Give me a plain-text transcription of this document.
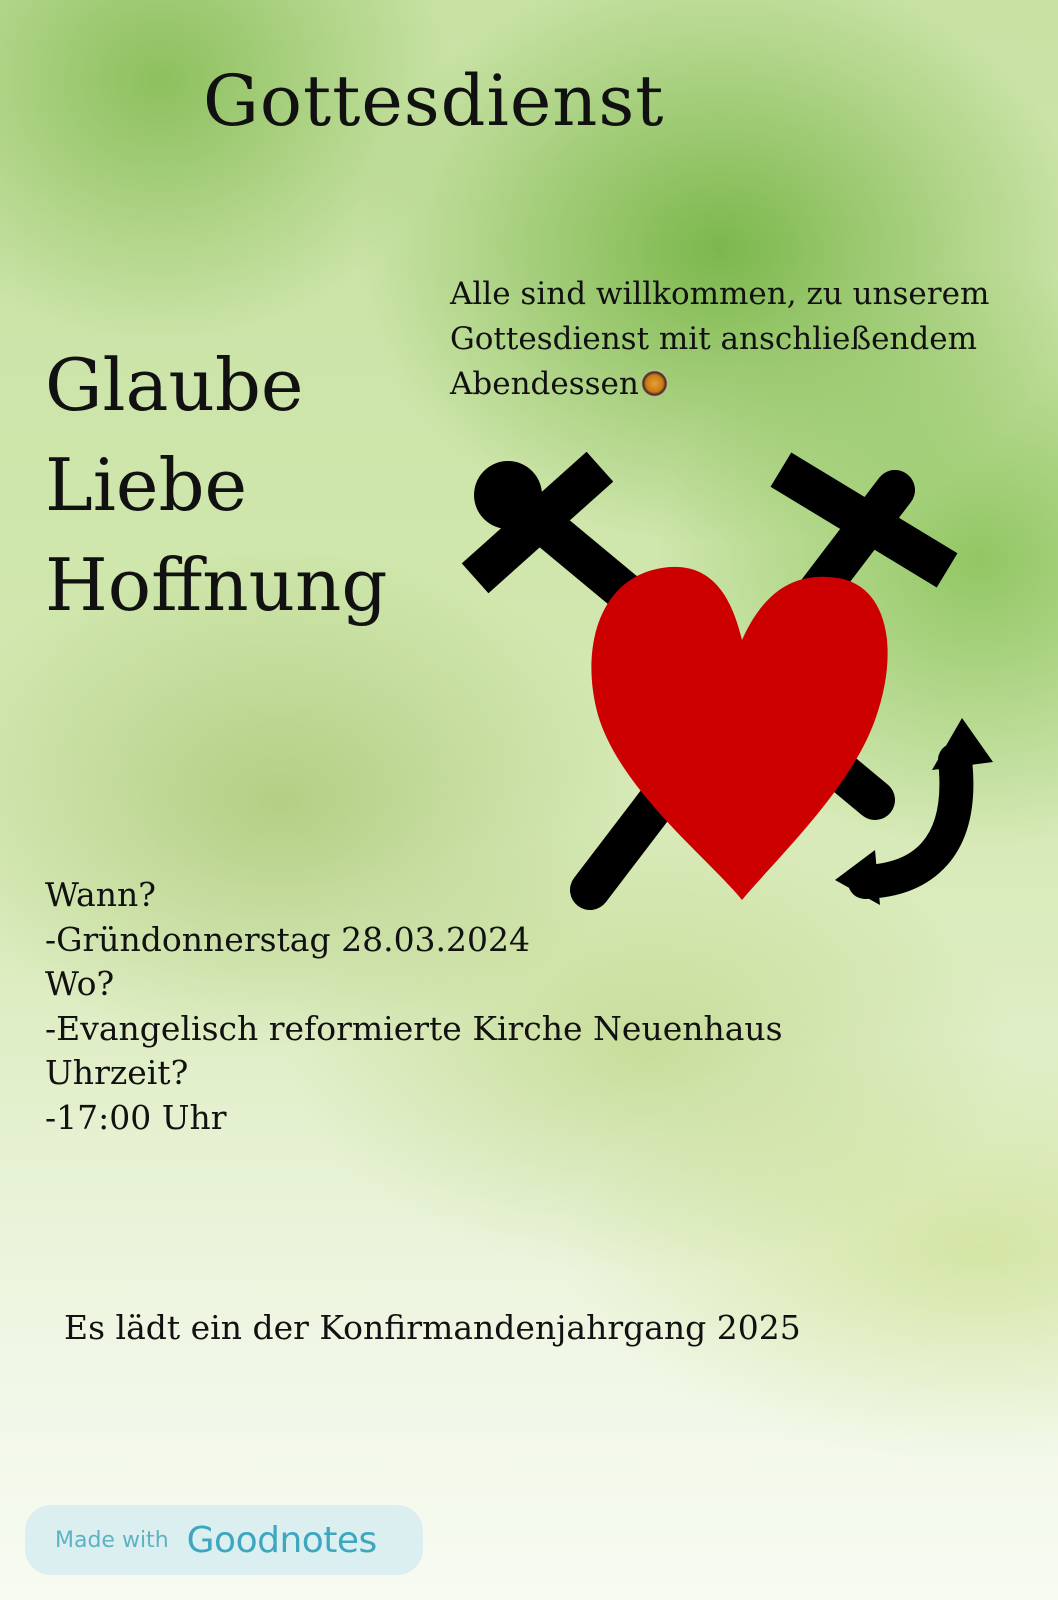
Gottesdienst
Alle sind willkommen, zu unserem
Gottesdienst mit anschließendem
Abendessen
Glaube
Liebe
Hoffnung
Wann?
-Gründonnerstag 28.03.2024
Wo?
-Evangelisch reformierte Kirche Neuenhaus
Uhrzeit?
-17:00 Uhr
Es lädt ein der Konfirmandenjahrgang 2025
Made with Goodnotes
